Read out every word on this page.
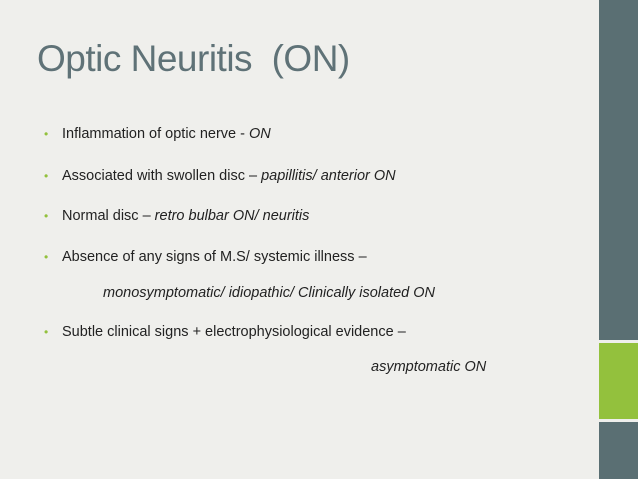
Optic Neuritis  (ON)
• Inflammation of optic nerve - ON
• Associated with swollen disc – papillitis/ anterior ON
• Normal disc – retro bulbar ON/ neuritis
• Absence of any signs of M.S/ systemic illness –
monosymptomatic/ idiopathic/ Clinically isolated ON
• Subtle clinical signs + electrophysiological evidence –
asymptomatic ON
